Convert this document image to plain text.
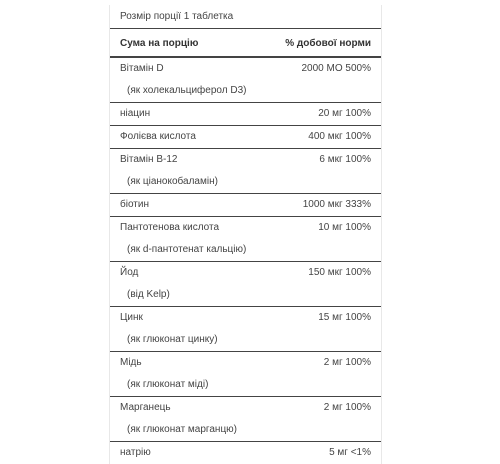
Розмір порції 1 таблетка
Сума на порцію	% добової норми
Вітамін D	2000 МО 500%
(як холекальциферол D3)
ніацин	20 мг 100%
Фолієва кислота	400 мкг 100%
Вітамін В-12	6 мкг 100%
(як ціанокобаламін)
біотин	1000 мкг 333%
Пантотенова кислота	10 мг 100%
(як d-пантотенат кальцію)
Йод	150 мкг 100%
(від Kelp)
Цинк	15 мг 100%
(як глюконат цинку)
Мідь	2 мг 100%
(як глюконат міді)
Марганець	2 мг 100%
(як глюконат марганцю)
натрію	5 мг <1%
